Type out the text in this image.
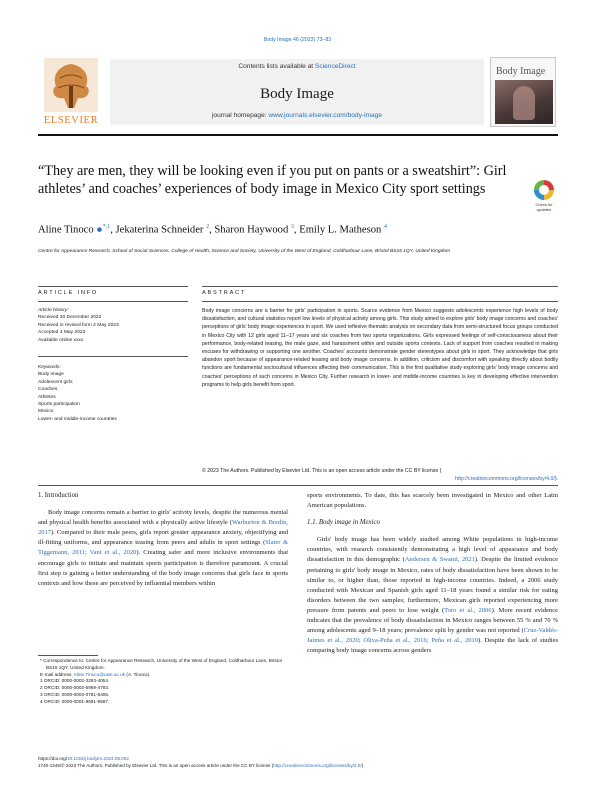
Body Image 46 (2023) 73–83
ELSEVIER
Contents lists available at ScienceDirect
Body Image
journal homepage: www.journals.elsevier.com/body-image
Body Image
“They are men, they will be looking even if you put on pants or a sweatshirt”: Girl athletes’ and coaches’ experiences of body image in Mexico City sport settings
Check for updates
Aline Tinoco ●$^{*,1}$, Jekaterina Schneider $^2$, Sharon Haywood $^3$, Emily L. Matheson $^4$
Centre for Appearance Research, School of Social Sciences, College of Health, Science and Society, University of the West of England, Coldharbour Lane, Bristol BS16 1QY, United Kingdom
ARTICLE INFO	ABSTRACT
Article history:
Received 20 December 2022
Received in revised form 2 May 2023
Accepted 4 May 2023
Available online xxxx
Keywords:
Body image
Adolescent girls
Coaches
Athletes
Sports participation
Mexico
Lower- and middle-income countries
Body image concerns are a barrier for girls' participation in sports. Scarce evidence from Mexico suggests adolescents experience high levels of body dissatisfaction, and cultural statistics report low levels of physical activity among girls. This study aimed to explore girls' body image concerns and coaches' perceptions of girls' body image experiences in sport. We used reflexive thematic analysis on secondary data from semi-structured focus groups conducted in Mexico City with 12 girls aged 11–17 years and six coaches from two sports organizations. Girls expressed feelings of self-consciousness about their performance, body-related teasing, the male gaze, and harassment within and outside sports contexts. Lack of support from coaches resulted in making excuses for withdrawing or supporting one another. Coaches' accounts demonstrate gender stereotypes about girls in sport. They acknowledge that girls abandon sport because of appearance-related teasing and body image concerns. In addition, criticism and discomfort with speaking directly about bodily functions are fundamental sociocultural influences affecting their communication. This is the first qualitative study exploring girls' body image concerns and coaches' perceptions of such concerns in Mexico City. Further research in lower- and middle-income countries is key in developing effective intervention programs to help girls benefit from sport.
© 2023 The Authors. Published by Elsevier Ltd. This is an open access article under the CC BY license (
http://creativecommons.org/licenses/by/4.0/).
1. Introduction

Body image concerns remain a barrier to girls' activity levels, despite the numerous mental and physical health benefits associated with a physically active lifestyle (Warburton & Bredin, 2017). Compared to their male peers, girls report greater appearance anxiety, objectifying and ill-fitting uniforms, and appearance teasing from peers and adults in sport settings (Slater & Tiggemann, 2011; Vani et al., 2020). Creating safer and more inclusive environments that encourage girls to initiate and maintain sports participation is therefore paramount. A crucial first step is gaining a better understanding of the body image concerns that girls face in sports contexts and how these are perceived by influential members within

* Correspondence to: Centre for Appearance Research, University of the West of England, Coldharbour Lane, Bristol BS16 1QY, United Kingdom.
E-mail address: Aline.Tinoco@uwe.ac.uk (A. Tinoco).
1 ORCID: 0000-0002-3293-4054.
2 ORCID: 0000-0002-6969-4783.
3 ORCID: 0000-0003-0781-5406.
4 ORCID: 0000-0001-9691-9597.

sports environments. To date, this has scarcely been investigated in Mexico and other Latin American populations.

1.1. Body image in Mexico

Girls' body image has been widely studied among White populations in high-income countries, with research consistently demonstrating a high level of appearance and body dissatisfaction in this demographic (Andersen & Swami, 2021). Despite the limited evidence pertaining to girls' body image in Mexico, rates of body dissatisfaction have been shown to be similar to, or higher than, those reported in high-income countries. Indeed, a 2006 study conducted with Mexican and Spanish girls aged 11–18 years found a similar risk for eating disorders between the two samples; furthermore, Mexican girls reported experiencing more pressure from parents and peers to lose weight (Toro et al., 2006). More recent evidence indicates that the prevalence of body dissatisfaction in Mexico ranges between 55 % and 70 % among adolescents aged 9–18 years; prevalence split by gender was not reported (Cruz-Valdés-Jaimes et al., 2020; Oliva-Peña et al., 2016; Peña et al., 2019). Despite the lack of studies comparing body image concerns across genders

https://doi.org/10.1016/j.bodyim.2023.05.002
1740-1445/© 2023 The Authors. Published by Elsevier Ltd. This is an open access article under the CC BY license (http://creativecommons.org/licenses/by/4.0/).
